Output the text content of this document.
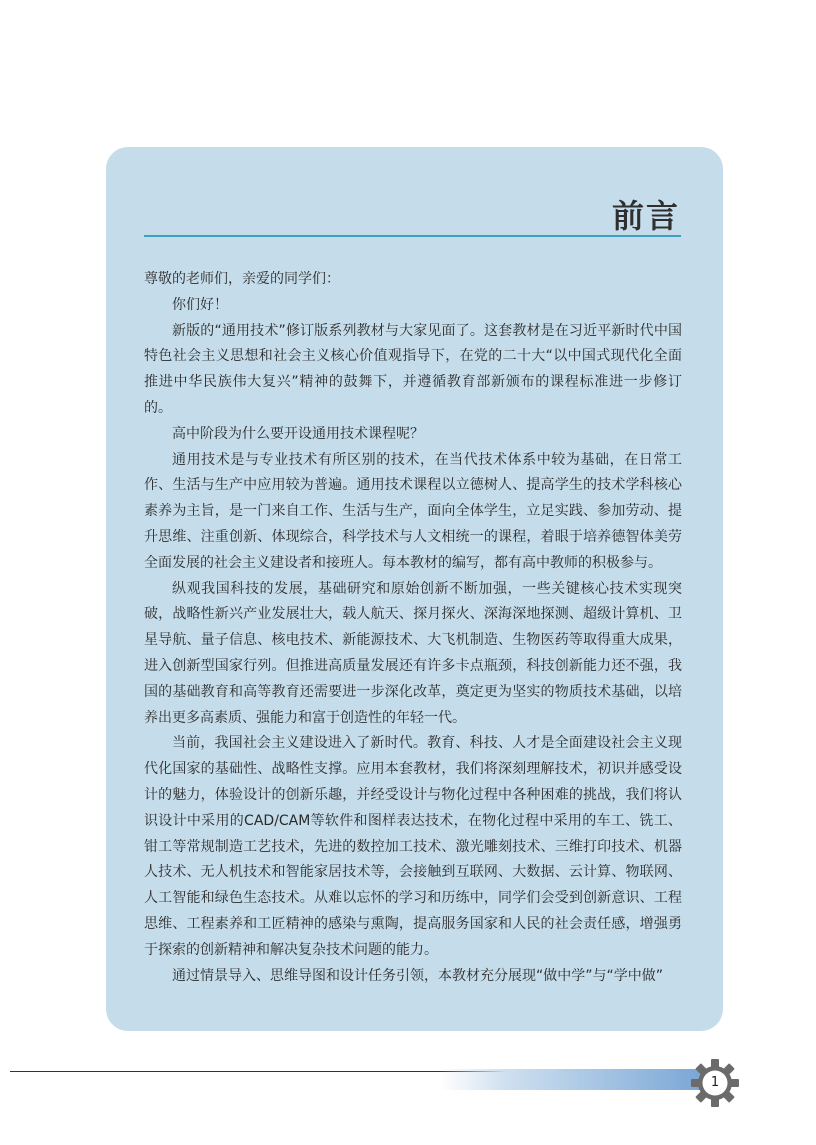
前言

尊敬的老师们，亲爱的同学们：

你们好！

新版的“通用技术”修订版系列教材与大家见面了。这套教材是在习近平新时代中国特色社会主义思想和社会主义核心价值观指导下，在党的二十大“以中国式现代化全面推进中华民族伟大复兴”精神的鼓舞下，并遵循教育部新颁布的课程标准进一步修订的。

高中阶段为什么要开设通用技术课程呢？

通用技术是与专业技术有所区别的技术，在当代技术体系中较为基础，在日常工作、生活与生产中应用较为普遍。通用技术课程以立德树人、提高学生的技术学科核心素养为主旨，是一门来自工作、生活与生产，面向全体学生，立足实践、参加劳动、提升思维、注重创新、体现综合，科学技术与人文相统一的课程，着眼于培养德智体美劳全面发展的社会主义建设者和接班人。每本教材的编写，都有高中教师的积极参与。

纵观我国科技的发展，基础研究和原始创新不断加强，一些关键核心技术实现突破，战略性新兴产业发展壮大，载人航天、探月探火、深海深地探测、超级计算机、卫星导航、量子信息、核电技术、新能源技术、大飞机制造、生物医药等取得重大成果，进入创新型国家行列。但推进高质量发展还有许多卡点瓶颈，科技创新能力还不强，我国的基础教育和高等教育还需要进一步深化改革，奠定更为坚实的物质技术基础，以培养出更多高素质、强能力和富于创造性的年轻一代。

当前，我国社会主义建设进入了新时代。教育、科技、人才是全面建设社会主义现代化国家的基础性、战略性支撑。应用本套教材，我们将深刻理解技术，初识并感受设计的魅力，体验设计的创新乐趣，并经受设计与物化过程中各种困难的挑战，我们将认识设计中采用的CAD/CAM等软件和图样表达技术，在物化过程中采用的车工、铣工、钳工等常规制造工艺技术，先进的数控加工技术、激光雕刻技术、三维打印技术、机器人技术、无人机技术和智能家居技术等，会接触到互联网、大数据、云计算、物联网、人工智能和绿色生态技术。从难以忘怀的学习和历练中，同学们会受到创新意识、工程思维、工程素养和工匠精神的感染与熏陶，提高服务国家和人民的社会责任感，增强勇于探索的创新精神和解决复杂技术问题的能力。

通过情景导入、思维导图和设计任务引领，本教材充分展现“做中学”与“学中做”

1
